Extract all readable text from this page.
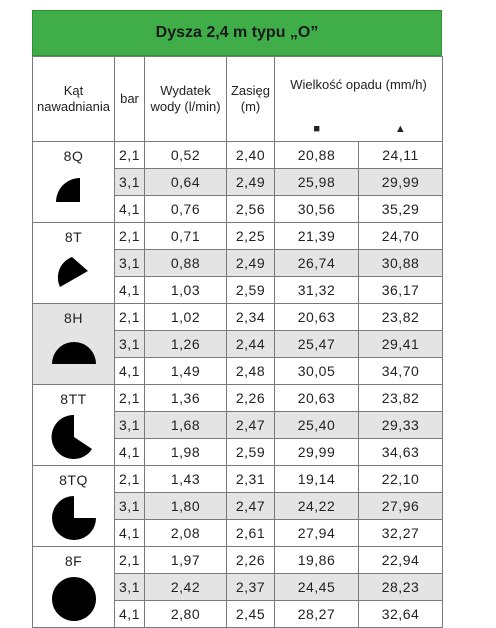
Dysza 2,4 m typu „O”
Kąt nawadniania	bar	Wydatek wody (l/min)	Zasięg (m)	Wielkość opadu (mm/h)	
				■	▲

8Q	2,1	0,52	2,40	20,88	24,11
	3,1	0,64	2,49	25,98	29,99
	4,1	0,76	2,56	30,56	35,29

8T	2,1	0,71	2,25	21,39	24,70
	3,1	0,88	2,49	26,74	30,88
	4,1	1,03	2,59	31,32	36,17

8H	2,1	1,02	2,34	20,63	23,82
	3,1	1,26	2,44	25,47	29,41
	4,1	1,49	2,48	30,05	34,70

8TT	2,1	1,36	2,26	20,63	23,82
	3,1	1,68	2,47	25,40	29,33
	4,1	1,98	2,59	29,99	34,63

8TQ	2,1	1,43	2,31	19,14	22,10
	3,1	1,80	2,47	24,22	27,96
	4,1	2,08	2,61	27,94	32,27

8F	2,1	1,97	2,26	19,86	22,94
	3,1	2,42	2,37	24,45	28,23
	4,1	2,80	2,45	28,27	32,64
